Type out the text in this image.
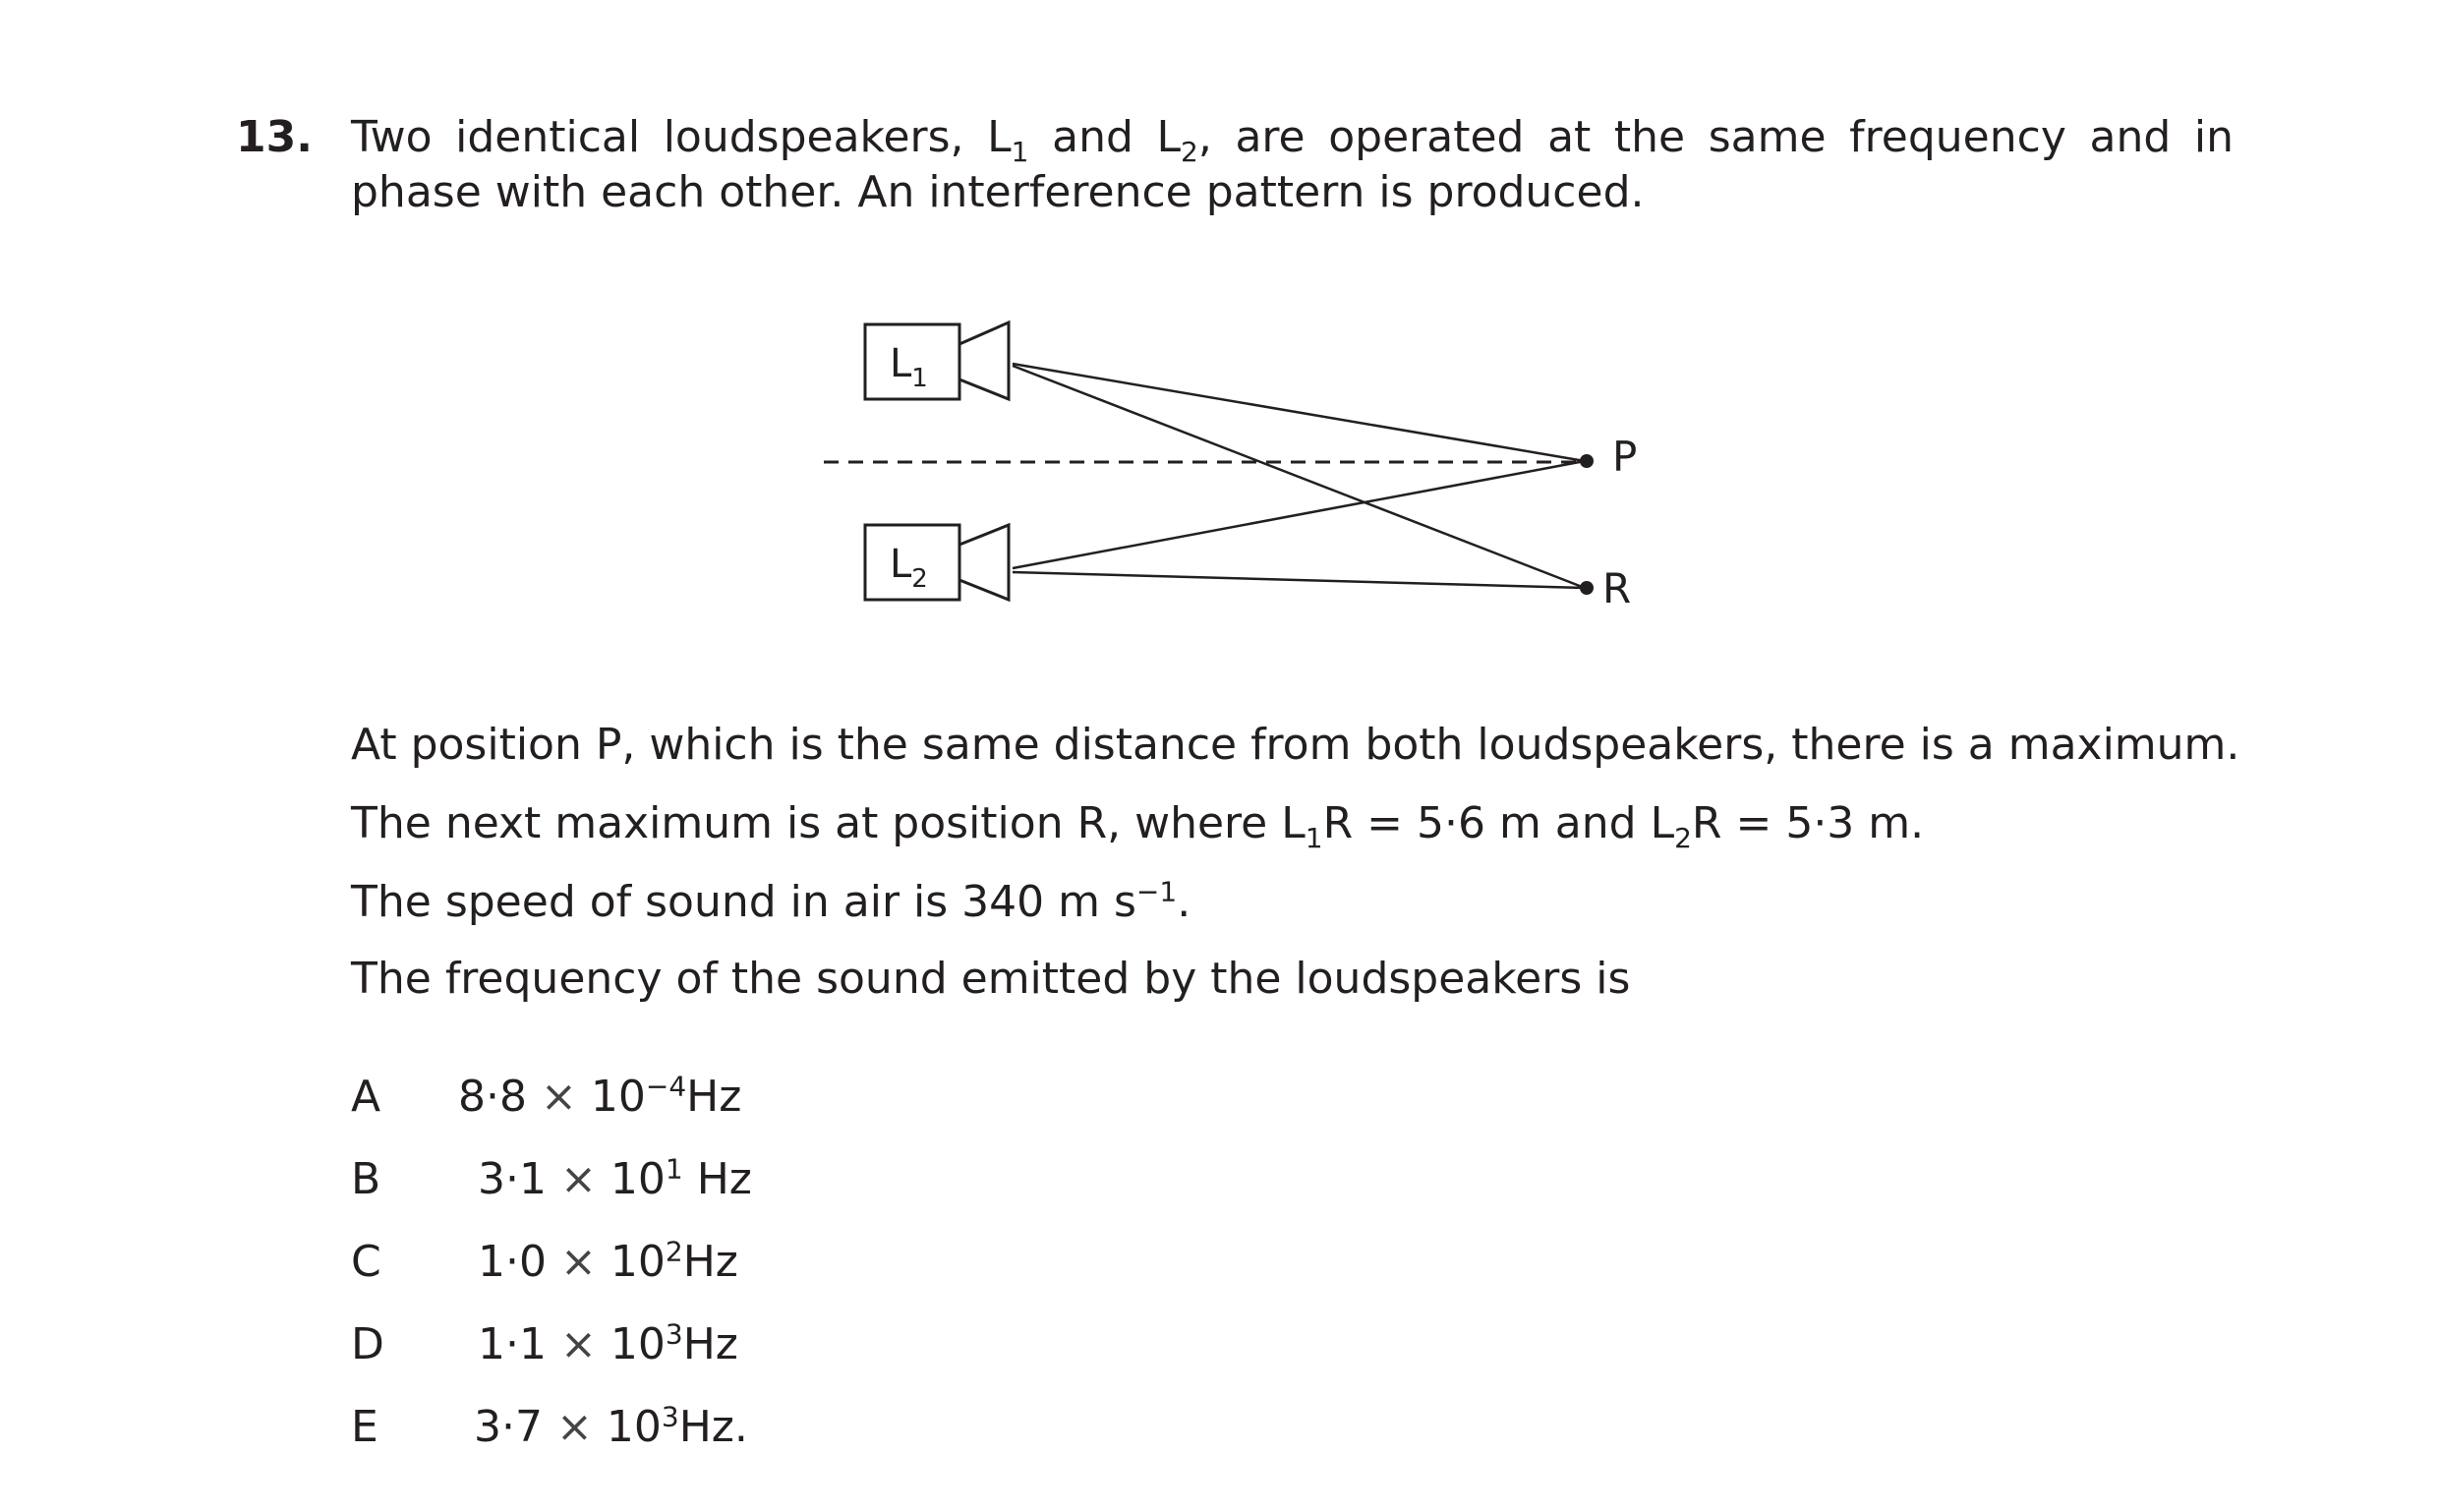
13. Two identical loudspeakers, $L_1$ and $L_2$, are operated at the same frequency and in phase with each other. An interference pattern is produced.
$L_1$
$L_2$
P
R
At position P, which is the same distance from both loudspeakers, there is a maximum.
The next maximum is at position R, where $L_1R = 5\cdot 6$ m and $L_2R = 5\cdot 3$ m.
The speed of sound in air is 340 m $s^{-1}$.
The frequency of the sound emitted by the loudspeakers is
A $8\cdot 8 \times 10^{-4}Hz$
B $3\cdot 1 \times 10^1$ Hz
C $1\cdot 0 \times 10^2Hz$
D $1\cdot 1 \times 10^3Hz$
E $3\cdot 7 \times 10^3Hz$.
